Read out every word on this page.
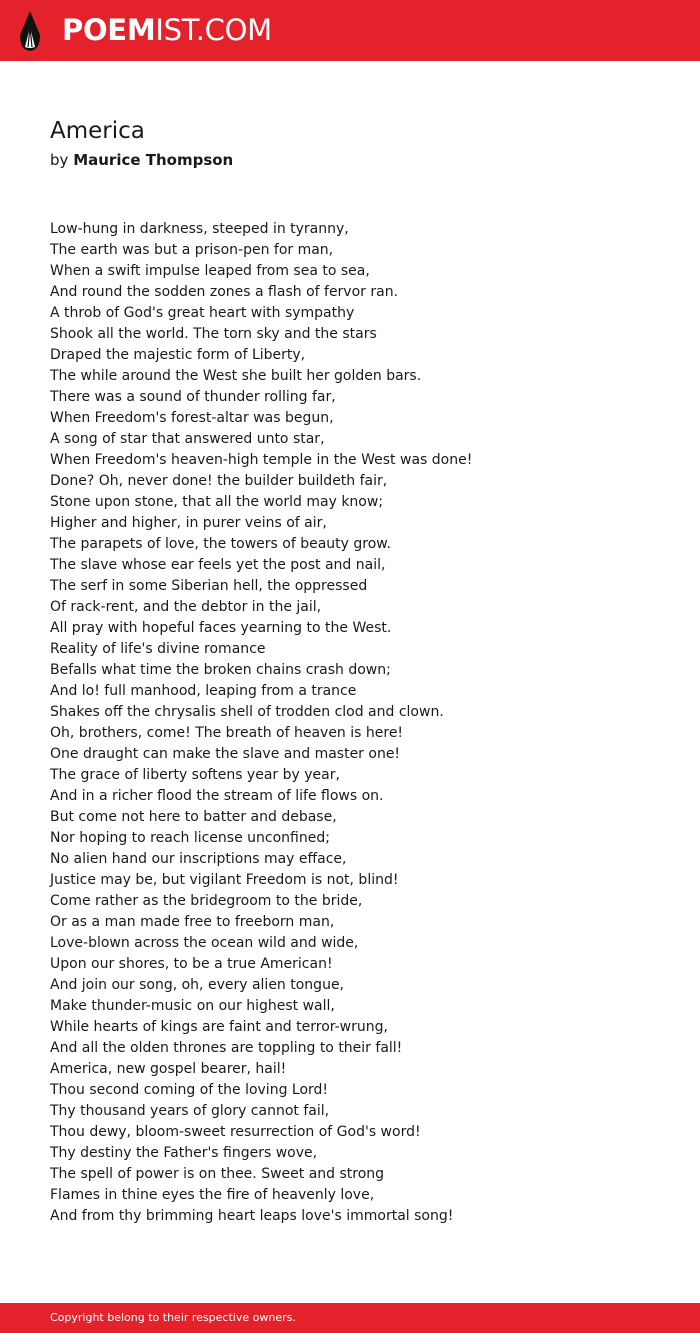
POEMIST.COM
America
by Maurice Thompson
Low-hung in darkness, steeped in tyranny,
The earth was but a prison-pen for man,
When a swift impulse leaped from sea to sea,
And round the sodden zones a flash of fervor ran.
A throb of God's great heart with sympathy
Shook all the world. The torn sky and the stars
Draped the majestic form of Liberty,
The while around the West she built her golden bars.
There was a sound of thunder rolling far,
When Freedom's forest-altar was begun,
A song of star that answered unto star,
When Freedom's heaven-high temple in the West was done!
Done? Oh, never done! the builder buildeth fair,
Stone upon stone, that all the world may know;
Higher and higher, in purer veins of air,
The parapets of love, the towers of beauty grow.
The slave whose ear feels yet the post and nail,
The serf in some Siberian hell, the oppressed
Of rack-rent, and the debtor in the jail,
All pray with hopeful faces yearning to the West.
Reality of life's divine romance
Befalls what time the broken chains crash down;
And lo! full manhood, leaping from a trance
Shakes off the chrysalis shell of trodden clod and clown.
Oh, brothers, come! The breath of heaven is here!
One draught can make the slave and master one!
The grace of liberty softens year by year,
And in a richer flood the stream of life flows on.
But come not here to batter and debase,
Nor hoping to reach license unconfined;
No alien hand our inscriptions may efface,
Justice may be, but vigilant Freedom is not, blind!
Come rather as the bridegroom to the bride,
Or as a man made free to freeborn man,
Love-blown across the ocean wild and wide,
Upon our shores, to be a true American!
And join our song, oh, every alien tongue,
Make thunder-music on our highest wall,
While hearts of kings are faint and terror-wrung,
And all the olden thrones are toppling to their fall!
America, new gospel bearer, hail!
Thou second coming of the loving Lord!
Thy thousand years of glory cannot fail,
Thou dewy, bloom-sweet resurrection of God's word!
Thy destiny the Father's fingers wove,
The spell of power is on thee. Sweet and strong
Flames in thine eyes the fire of heavenly love,
And from thy brimming heart leaps love's immortal song!
Copyright belong to their respective owners.
